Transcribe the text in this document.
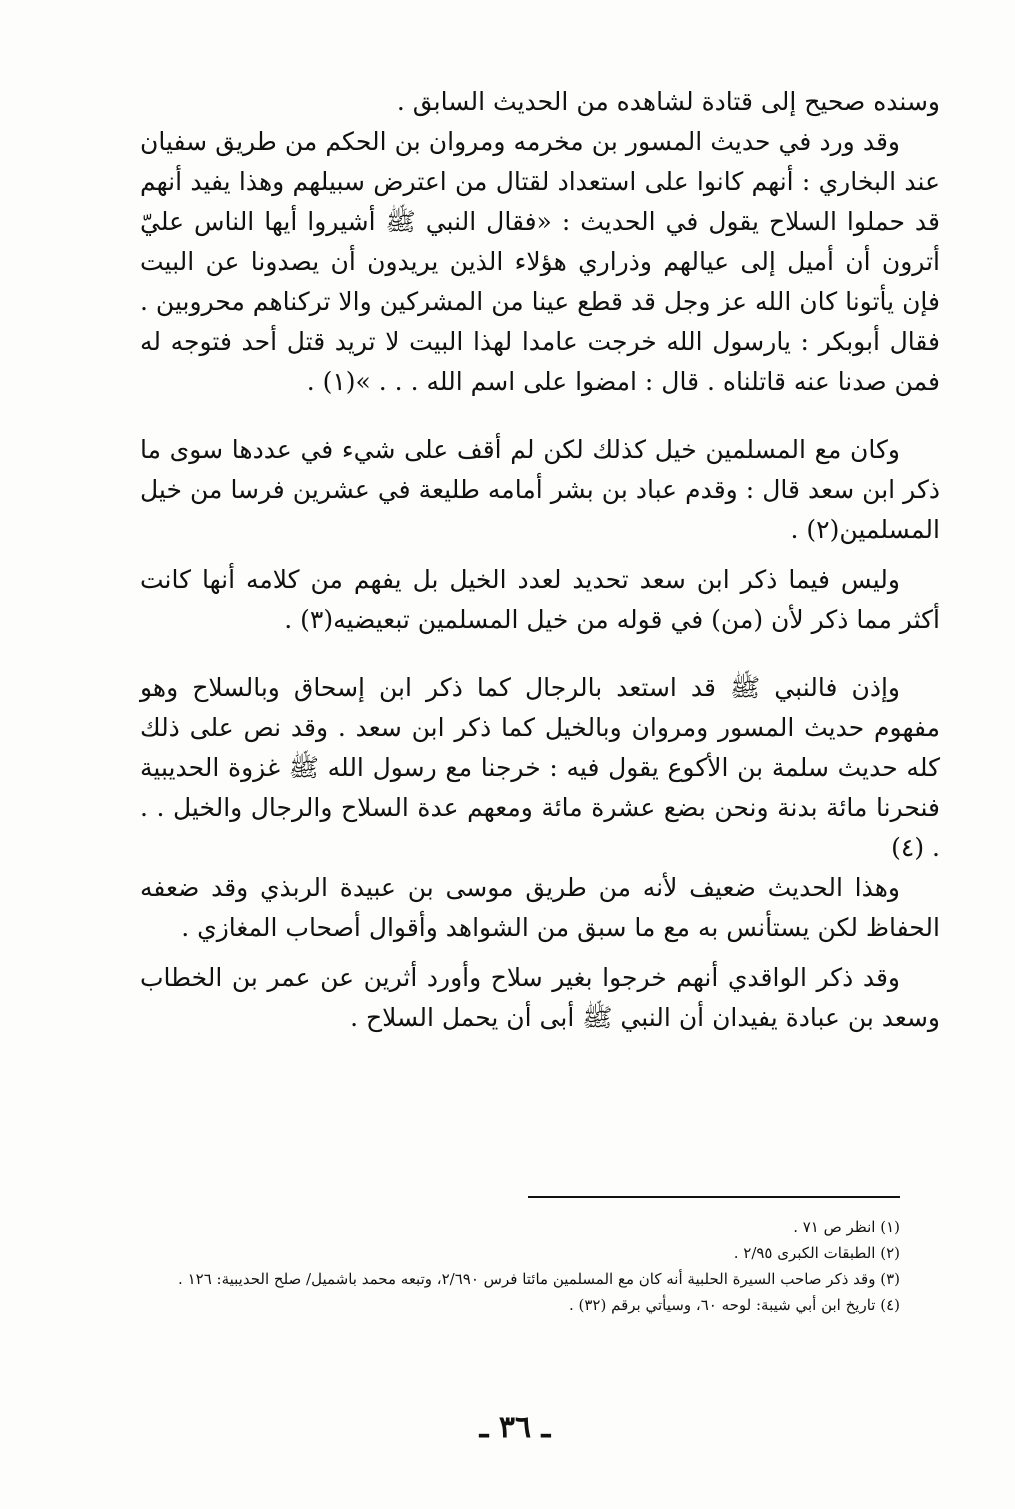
وسنده صحيح إلى قتادة لشاهده من الحديث السابق .

وقد ورد في حديث المسور بن مخرمه ومروان بن الحكم من طريق سفيان عند البخاري : أنهم كانوا على استعداد لقتال من اعترض سبيلهم وهذا يفيد أنهم قد حملوا السلاح يقول في الحديث : «فقال النبي ﷺ أشيروا أيها الناس عليّ أترون أن أميل إلى عيالهم وذراري هؤلاء الذين يريدون أن يصدونا عن البيت فإن يأتونا كان الله عز وجل قد قطع عينا من المشركين والا تركناهم محروبين . فقال أبوبكر : يارسول الله خرجت عامدا لهذا البيت لا تريد قتل أحد فتوجه له فمن صدنا عنه قاتلناه . قال : امضوا على اسم الله . . . »(١) .

وكان مع المسلمين خيل كذلك لكن لم أقف على شيء في عددها سوى ما ذكر ابن سعد قال : وقدم عباد بن بشر أمامه طليعة في عشرين فرسا من خيل المسلمين(٢) .

وليس فيما ذكر ابن سعد تحديد لعدد الخيل بل يفهم من كلامه أنها كانت أكثر مما ذكر لأن (من) في قوله من خيل المسلمين تبعيضيه(٣) .

وإذن فالنبي ﷺ قد استعد بالرجال كما ذكر ابن إسحاق وبالسلاح وهو مفهوم حديث المسور ومروان وبالخيل كما ذكر ابن سعد . وقد نص على ذلك كله حديث سلمة بن الأكوع يقول فيه : خرجنا مع رسول الله ﷺ غزوة الحديبية فنحرنا مائة بدنة ونحن بضع عشرة مائة ومعهم عدة السلاح والرجال والخيل . . . (٤)

وهذا الحديث ضعيف لأنه من طريق موسى بن عبيدة الربذي وقد ضعفه الحفاظ لكن يستأنس به مع ما سبق من الشواهد وأقوال أصحاب المغازي .

وقد ذكر الواقدي أنهم خرجوا بغير سلاح وأورد أثرين عن عمر بن الخطاب وسعد بن عبادة يفيدان أن النبي ﷺ أبى أن يحمل السلاح .

(١) انظر ص ٧١ .

(٢) الطبقات الكبرى ٢/٩٥ .

(٣) وقد ذكر صاحب السيرة الحلبية أنه كان مع المسلمين مائتا فرس ٢/٦٩٠، وتبعه محمد باشميل/ صلح الحديبية: ١٢٦ .

(٤) تاريخ ابن أبي شيبة: لوحه ٦٠، وسيأتي برقم (٣٢) .

ـ ٣٦ ـ
